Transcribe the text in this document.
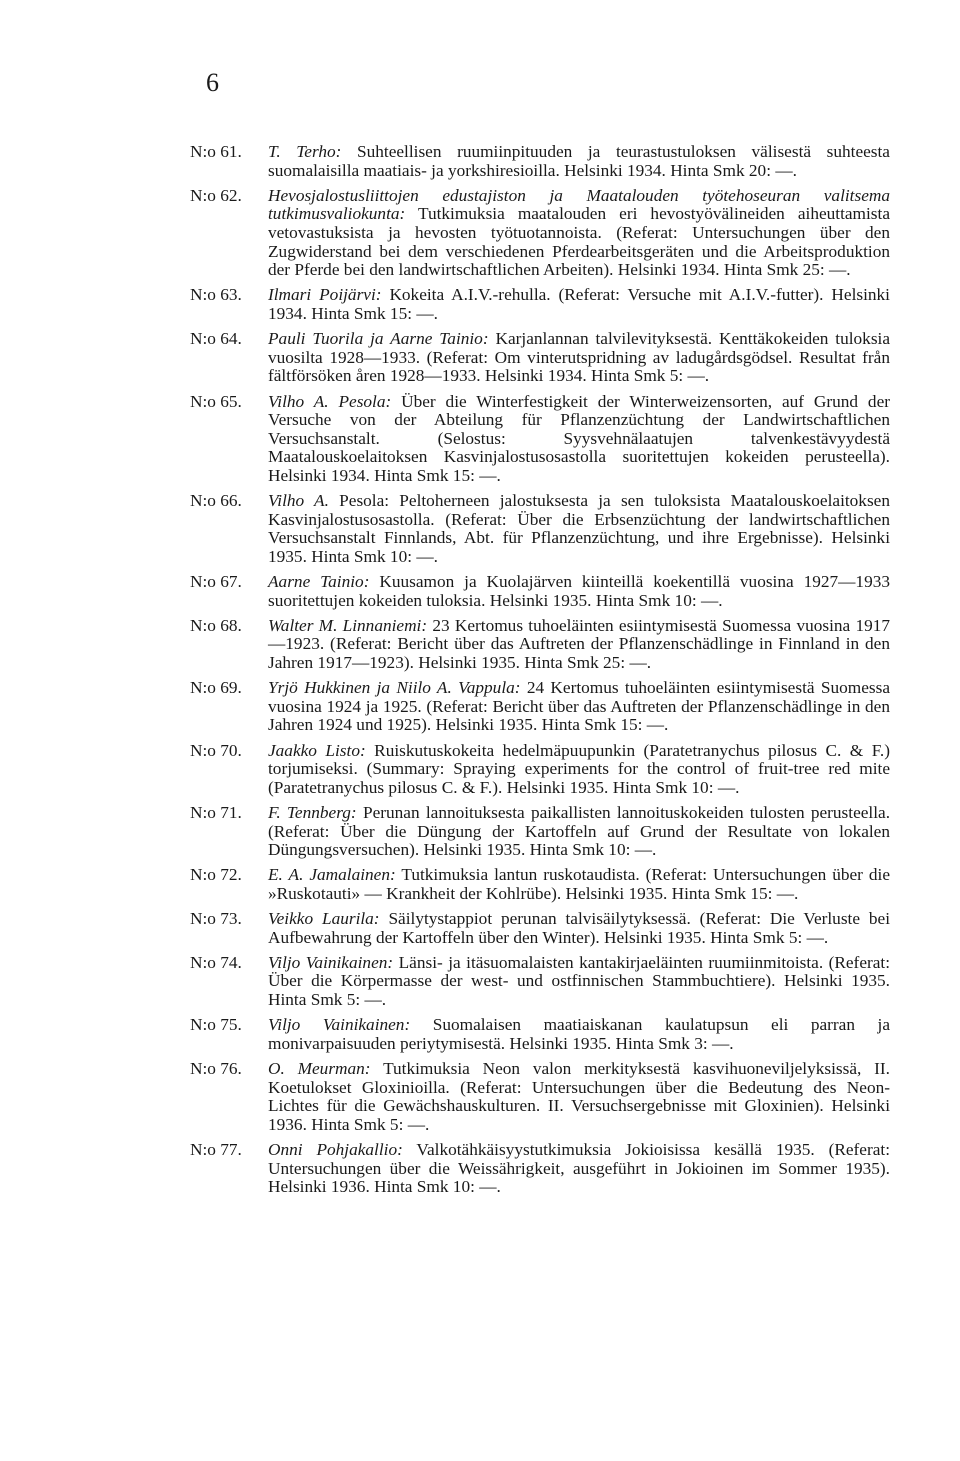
6
N:o 61.	T. Terho: Suhteellisen ruumiinpituuden ja teurastustuloksen välisestä suhteesta suomalaisilla maatiais- ja yorkshiresioilla. Helsinki 1934. Hinta Smk 20: —.
N:o 62.	Hevosjalostusliittojen edustajiston ja Maatalouden työtehoseuran valitsema tutkimusvaliokunta: Tutkimuksia maatalouden eri hevostyövälineiden aiheuttamista vetovastuksista ja hevosten työtuotannoista. (Referat: Untersuchungen über den Zugwiderstand bei dem verschiedenen Pferdearbeitsgeräten und die Arbeitsproduktion der Pferde bei den landwirtschaftlichen Arbeiten). Helsinki 1934. Hinta Smk 25: —.
N:o 63.	Ilmari Poijärvi: Kokeita A.I.V.-rehulla. (Referat: Versuche mit A.I.V.-futter). Helsinki 1934. Hinta Smk 15: —.
N:o 64.	Pauli Tuorila ja Aarne Tainio: Karjanlannan talvilevityksestä. Kenttäkokeiden tuloksia vuosilta 1928—1933. (Referat: Om vinterutspridning av ladugårdsgödsel. Resultat från fältförsöken åren 1928—1933. Helsinki 1934. Hinta Smk 5: —.
N:o 65.	Vilho A. Pesola: Über die Winterfestigkeit der Winterweizensorten, auf Grund der Versuche von der Abteilung für Pflanzenzüchtung der Landwirtschaftlichen Versuchsanstalt. (Selostus: Syysvehnälaatujen talvenkestävyydestä Maatalouskoelaitoksen Kasvinjalostusosastolla suoritettujen kokeiden perusteella). Helsinki 1934. Hinta Smk 15: —.
N:o 66.	Vilho A. Pesola: Peltoherneen jalostuksesta ja sen tuloksista Maatalouskoelaitoksen Kasvinjalostusosastolla. (Referat: Über die Erbsenzüchtung der landwirtschaftlichen Versuchsanstalt Finnlands, Abt. für Pflanzenzüchtung, und ihre Ergebnisse). Helsinki 1935. Hinta Smk 10: —.
N:o 67.	Aarne Tainio: Kuusamon ja Kuolajärven kiinteillä koekentillä vuosina 1927—1933 suoritettujen kokeiden tuloksia. Helsinki 1935. Hinta Smk 10: —.
N:o 68.	Walter M. Linnaniemi: 23 Kertomus tuhoeläinten esiintymisestä Suomessa vuosina 1917—1923. (Referat: Bericht über das Auftreten der Pflanzenschädlinge in Finnland in den Jahren 1917—1923). Helsinki 1935. Hinta Smk 25: —.
N:o 69.	Yrjö Hukkinen ja Niilo A. Vappula: 24 Kertomus tuhoeläinten esiintymisestä Suomessa vuosina 1924 ja 1925. (Referat: Bericht über das Auftreten der Pflanzenschädlinge in den Jahren 1924 und 1925). Helsinki 1935. Hinta Smk 15: —.
N:o 70.	Jaakko Listo: Ruiskutuskokeita hedelmäpuupunkin (Paratetranychus pilosus C. & F.) torjumiseksi. (Summary: Spraying experiments for the control of fruit-tree red mite (Paratetranychus pilosus C. & F.). Helsinki 1935. Hinta Smk 10: —.
N:o 71.	F. Tennberg: Perunan lannoituksesta paikallisten lannoituskokeiden tulosten perusteella. (Referat: Über die Düngung der Kartoffeln auf Grund der Resultate von lokalen Düngungsversuchen). Helsinki 1935. Hinta Smk 10: —.
N:o 72.	E. A. Jamalainen: Tutkimuksia lantun ruskotaudista. (Referat: Untersuchungen über die »Ruskotauti» — Krankheit der Kohlrübe). Helsinki 1935. Hinta Smk 15: —.
N:o 73.	Veikko Laurila: Säilytystappiot perunan talvisäilytyksessä. (Referat: Die Verluste bei Aufbewahrung der Kartoffeln über den Winter). Helsinki 1935. Hinta Smk 5: —.
N:o 74.	Viljo Vainikainen: Länsi- ja itäsuomalaisten kantakirjaeläinten ruumiinmitoista. (Referat: Über die Körpermasse der west- und ostfinnischen Stammbuchtiere). Helsinki 1935. Hinta Smk 5: —.
N:o 75.	Viljo Vainikainen: Suomalaisen maatiaiskanan kaulatupsun eli parran ja monivarpaisuuden periytymisestä. Helsinki 1935. Hinta Smk 3: —.
N:o 76.	O. Meurman: Tutkimuksia Neon valon merkityksestä kasvihuoneviljelyksissä, II. Koetulokset Gloxinioilla. (Referat: Untersuchungen über die Bedeutung des Neon-Lichtes für die Gewächshauskulturen. II. Versuchsergebnisse mit Gloxinien). Helsinki 1936. Hinta Smk 5: —.
N:o 77.	Onni Pohjakallio: Valkotähkäisyystutkimuksia Jokioisissa kesällä 1935. (Referat: Untersuchungen über die Weissährigkeit, ausgeführt in Jokioinen im Sommer 1935). Helsinki 1936. Hinta Smk 10: —.
